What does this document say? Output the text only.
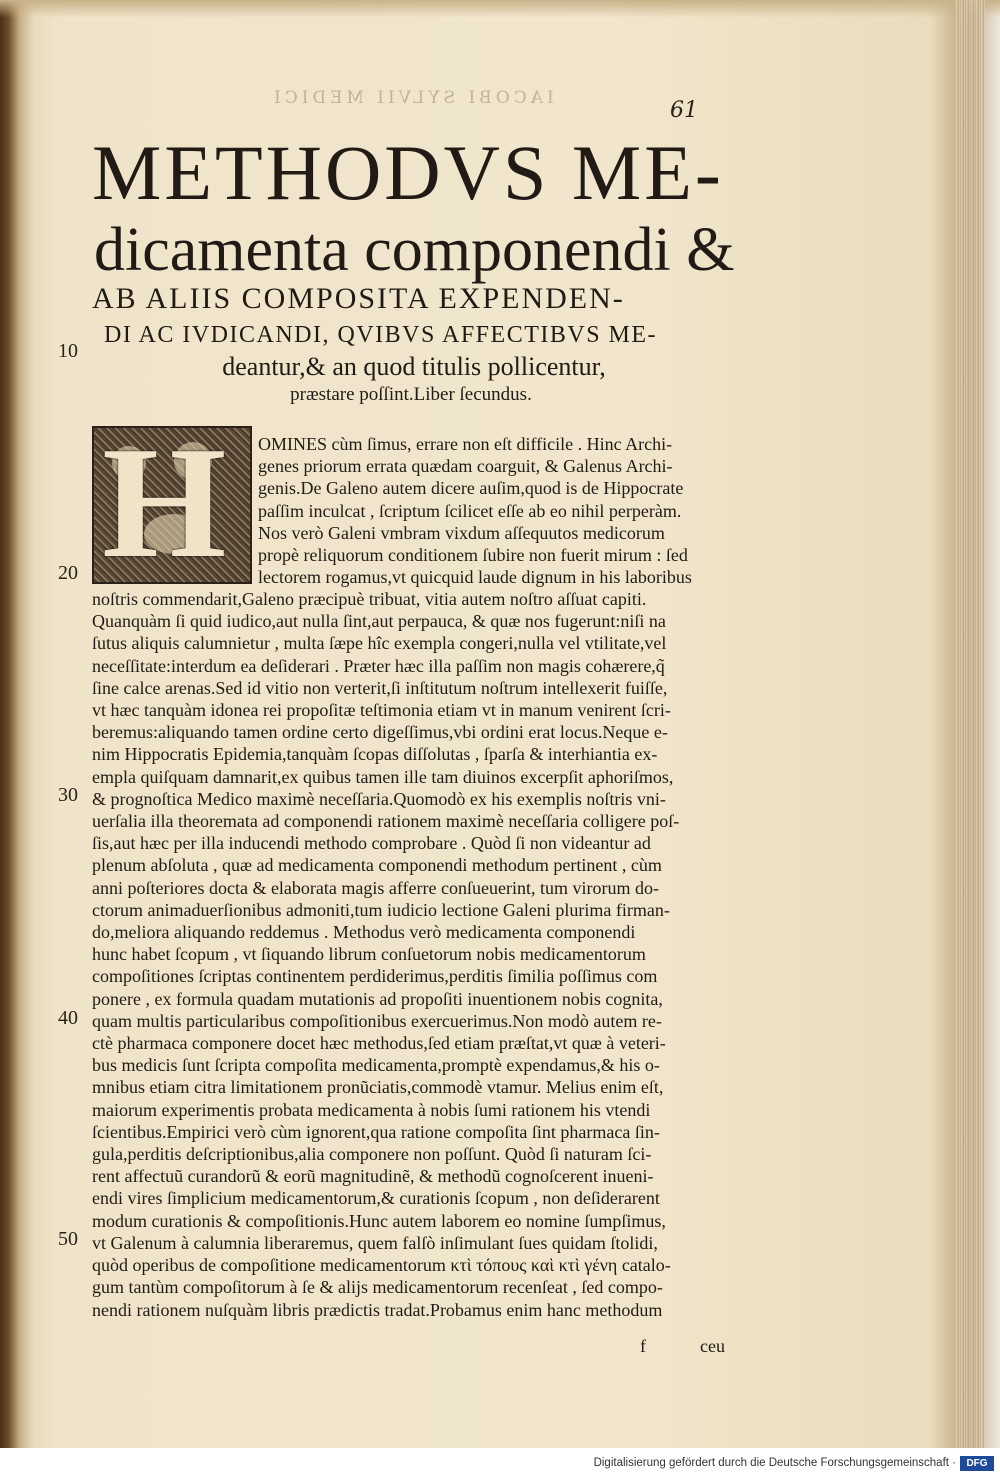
IACOBI SYLVII MEDICI	61
METHODVS ME-
dicamenta componendi &
AB ALIIS COMPOSITA EXPENDEN-
DI AC IVDICANDI, QVIBVS AFFECTIBVS ME-
deantur,& an quod titulis pollicentur,
præstare poſſint.Liber ſecundus.
10
20
30
40
50
H OMINES cùm ſimus, errare non eſt difficile . Hinc Archi-
genes priorum errata quædam coarguit, & Galenus Archi-
genis.De Galeno autem dicere auſim,quod is de Hippocrate
paſſim inculcat , ſcriptum ſcilicet eſſe ab eo nihil perperàm.
Nos verò Galeni vmbram vixdum aſſequutos medicorum
propè reliquorum conditionem ſubire non fuerit mirum : ſed
lectorem rogamus,vt quicquid laude dignum in his laboribus
noſtris commendarit,Galeno præcipuè tribuat, vitia autem noſtro aſſuat capiti.
Quanquàm ſi quid iudico,aut nulla ſint,aut perpauca, & quæ nos fugerunt:niſi na
ſutus aliquis calumnietur , multa ſæpe hîc exempla congeri,nulla vel vtilitate,vel
neceſſitate:interdum ea deſiderari . Præter hæc illa paſſim non magis cohærere,q̃
ſine calce arenas.Sed id vitio non verterit,ſi inſtitutum noſtrum intellexerit fuiſſe,
vt hæc tanquàm idonea rei propoſitæ teſtimonia etiam vt in manum venirent ſcri-
beremus:aliquando tamen ordine certo digeſſimus,vbi ordini erat locus.Neque e-
nim Hippocratis Epidemia,tanquàm ſcopas diſſolutas , ſparſa & interhiantia ex-
empla quiſquam damnarit,ex quibus tamen ille tam diuinos excerpſit aphoriſmos,
& prognoſtica Medico maximè neceſſaria.Quomodò ex his exemplis noſtris vni-
uerſalia illa theoremata ad componendi rationem maximè neceſſaria colligere poſ-
ſis,aut hæc per illa inducendi methodo comprobare . Quòd ſi non videantur ad
plenum abſoluta , quæ ad medicamenta componendi methodum pertinent , cùm
anni poſteriores docta & elaborata magis afferre conſueuerint, tum virorum do-
ctorum animaduerſionibus admoniti,tum iudicio lectione Galeni plurima firman-
do,meliora aliquando reddemus . Methodus verò medicamenta componendi
hunc habet ſcopum , vt ſiquando librum conſuetorum nobis medicamentorum
compoſitiones ſcriptas continentem perdiderimus,perditis ſimilia poſſimus com
ponere , ex formula quadam mutationis ad propoſiti inuentionem nobis cognita,
quam multis particularibus compoſitionibus exercuerimus.Non modò autem re-
ctè pharmaca componere docet hæc methodus,ſed etiam præſtat,vt quæ à veteri-
bus medicis ſunt ſcripta compoſita medicamenta,promptè expendamus,& his o-
mnibus etiam citra limitationem pronũciatis,commodè vtamur. Melius enim eſt,
maiorum experimentis probata medicamenta à nobis ſumi rationem his vtendi
ſcientibus.Empirici verò cùm ignorent,qua ratione compoſita ſint pharmaca ſin-
gula,perditis deſcriptionibus,alia componere non poſſunt. Quòd ſi naturam ſci-
rent affectuũ curandorũ & eorũ magnitudinẽ, & methodũ cognoſcerent inueni-
endi vires ſimplicium medicamentorum,& curationis ſcopum , non deſiderarent
modum curationis & compoſitionis.Hunc autem laborem eo nomine ſumpſimus,
vt Galenum à calumnia liberaremus, quem falſò inſimulant ſues quidam ſtolidi,
quòd operibus de compoſitione medicamentorum κτὶ τόπους καὶ κτὶ γένη catalo-
gum tantùm compoſitorum à ſe & alijs medicamentorum recenſeat , ſed compo-
nendi rationem nuſquàm libris prædictis tradat.Probamus enim hanc methodum
f	ceu
Digitalisierung gefördert durch die Deutsche Forschungsgemeinschaft ·	DFG
